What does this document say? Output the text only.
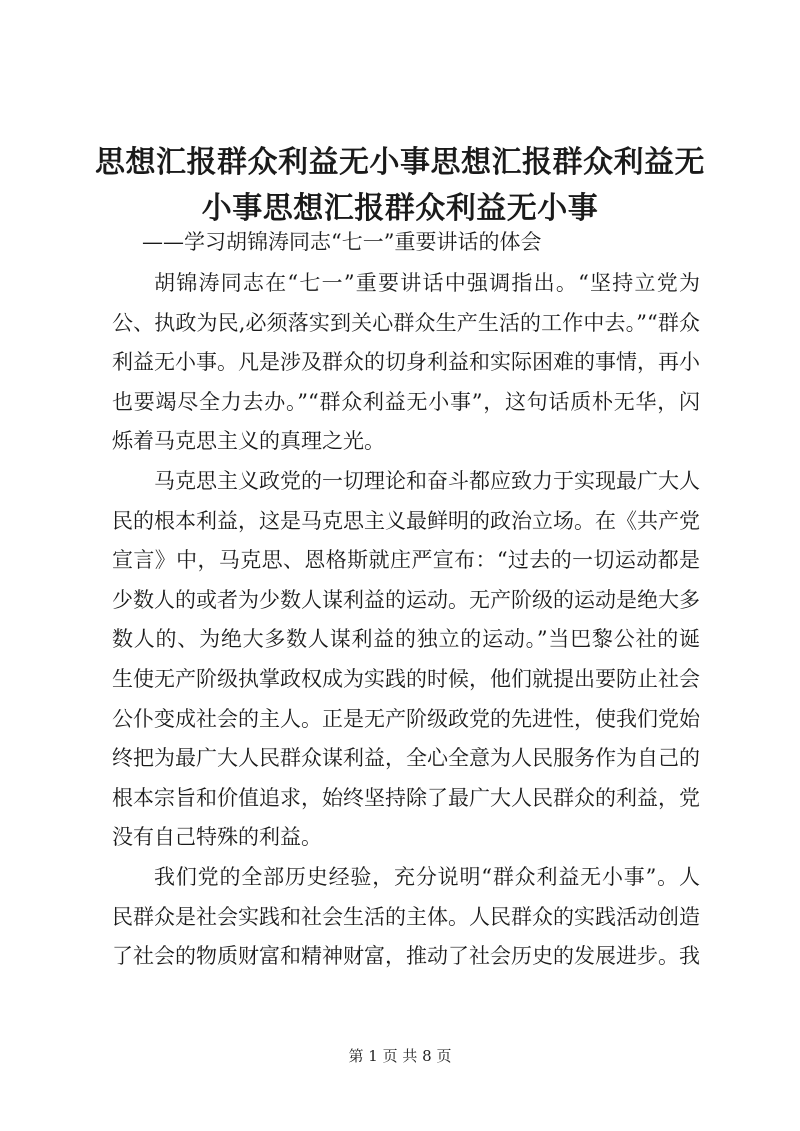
思想汇报群众利益无小事思想汇报群众利益无小事思想汇报群众利益无小事
——学习胡锦涛同志“七一”重要讲话的体会

胡锦涛同志在“七一”重要讲话中强调指出。“坚持立党为公、执政为民,必须落实到关心群众生产生活的工作中去。”“群众利益无小事。凡是涉及群众的切身利益和实际困难的事情，再小也要竭尽全力去办。”“群众利益无小事”，这句话质朴无华，闪烁着马克思主义的真理之光。

马克思主义政党的一切理论和奋斗都应致力于实现最广大人民的根本利益，这是马克思主义最鲜明的政治立场。在《共产党宣言》中，马克思、恩格斯就庄严宣布：“过去的一切运动都是少数人的或者为少数人谋利益的运动。无产阶级的运动是绝大多数人的、为绝大多数人谋利益的独立的运动。”当巴黎公社的诞生使无产阶级执掌政权成为实践的时候，他们就提出要防止社会公仆变成社会的主人。正是无产阶级政党的先进性，使我们党始终把为最广大人民群众谋利益，全心全意为人民服务作为自己的根本宗旨和价值追求，始终坚持除了最广大人民群众的利益，党没有自己特殊的利益。

我们党的全部历史经验，充分说明“群众利益无小事”。人民群众是社会实践和社会生活的主体。人民群众的实践活动创造了社会的物质财富和精神财富，推动了社会历史的发展进步。我

第 1 页 共 8 页
